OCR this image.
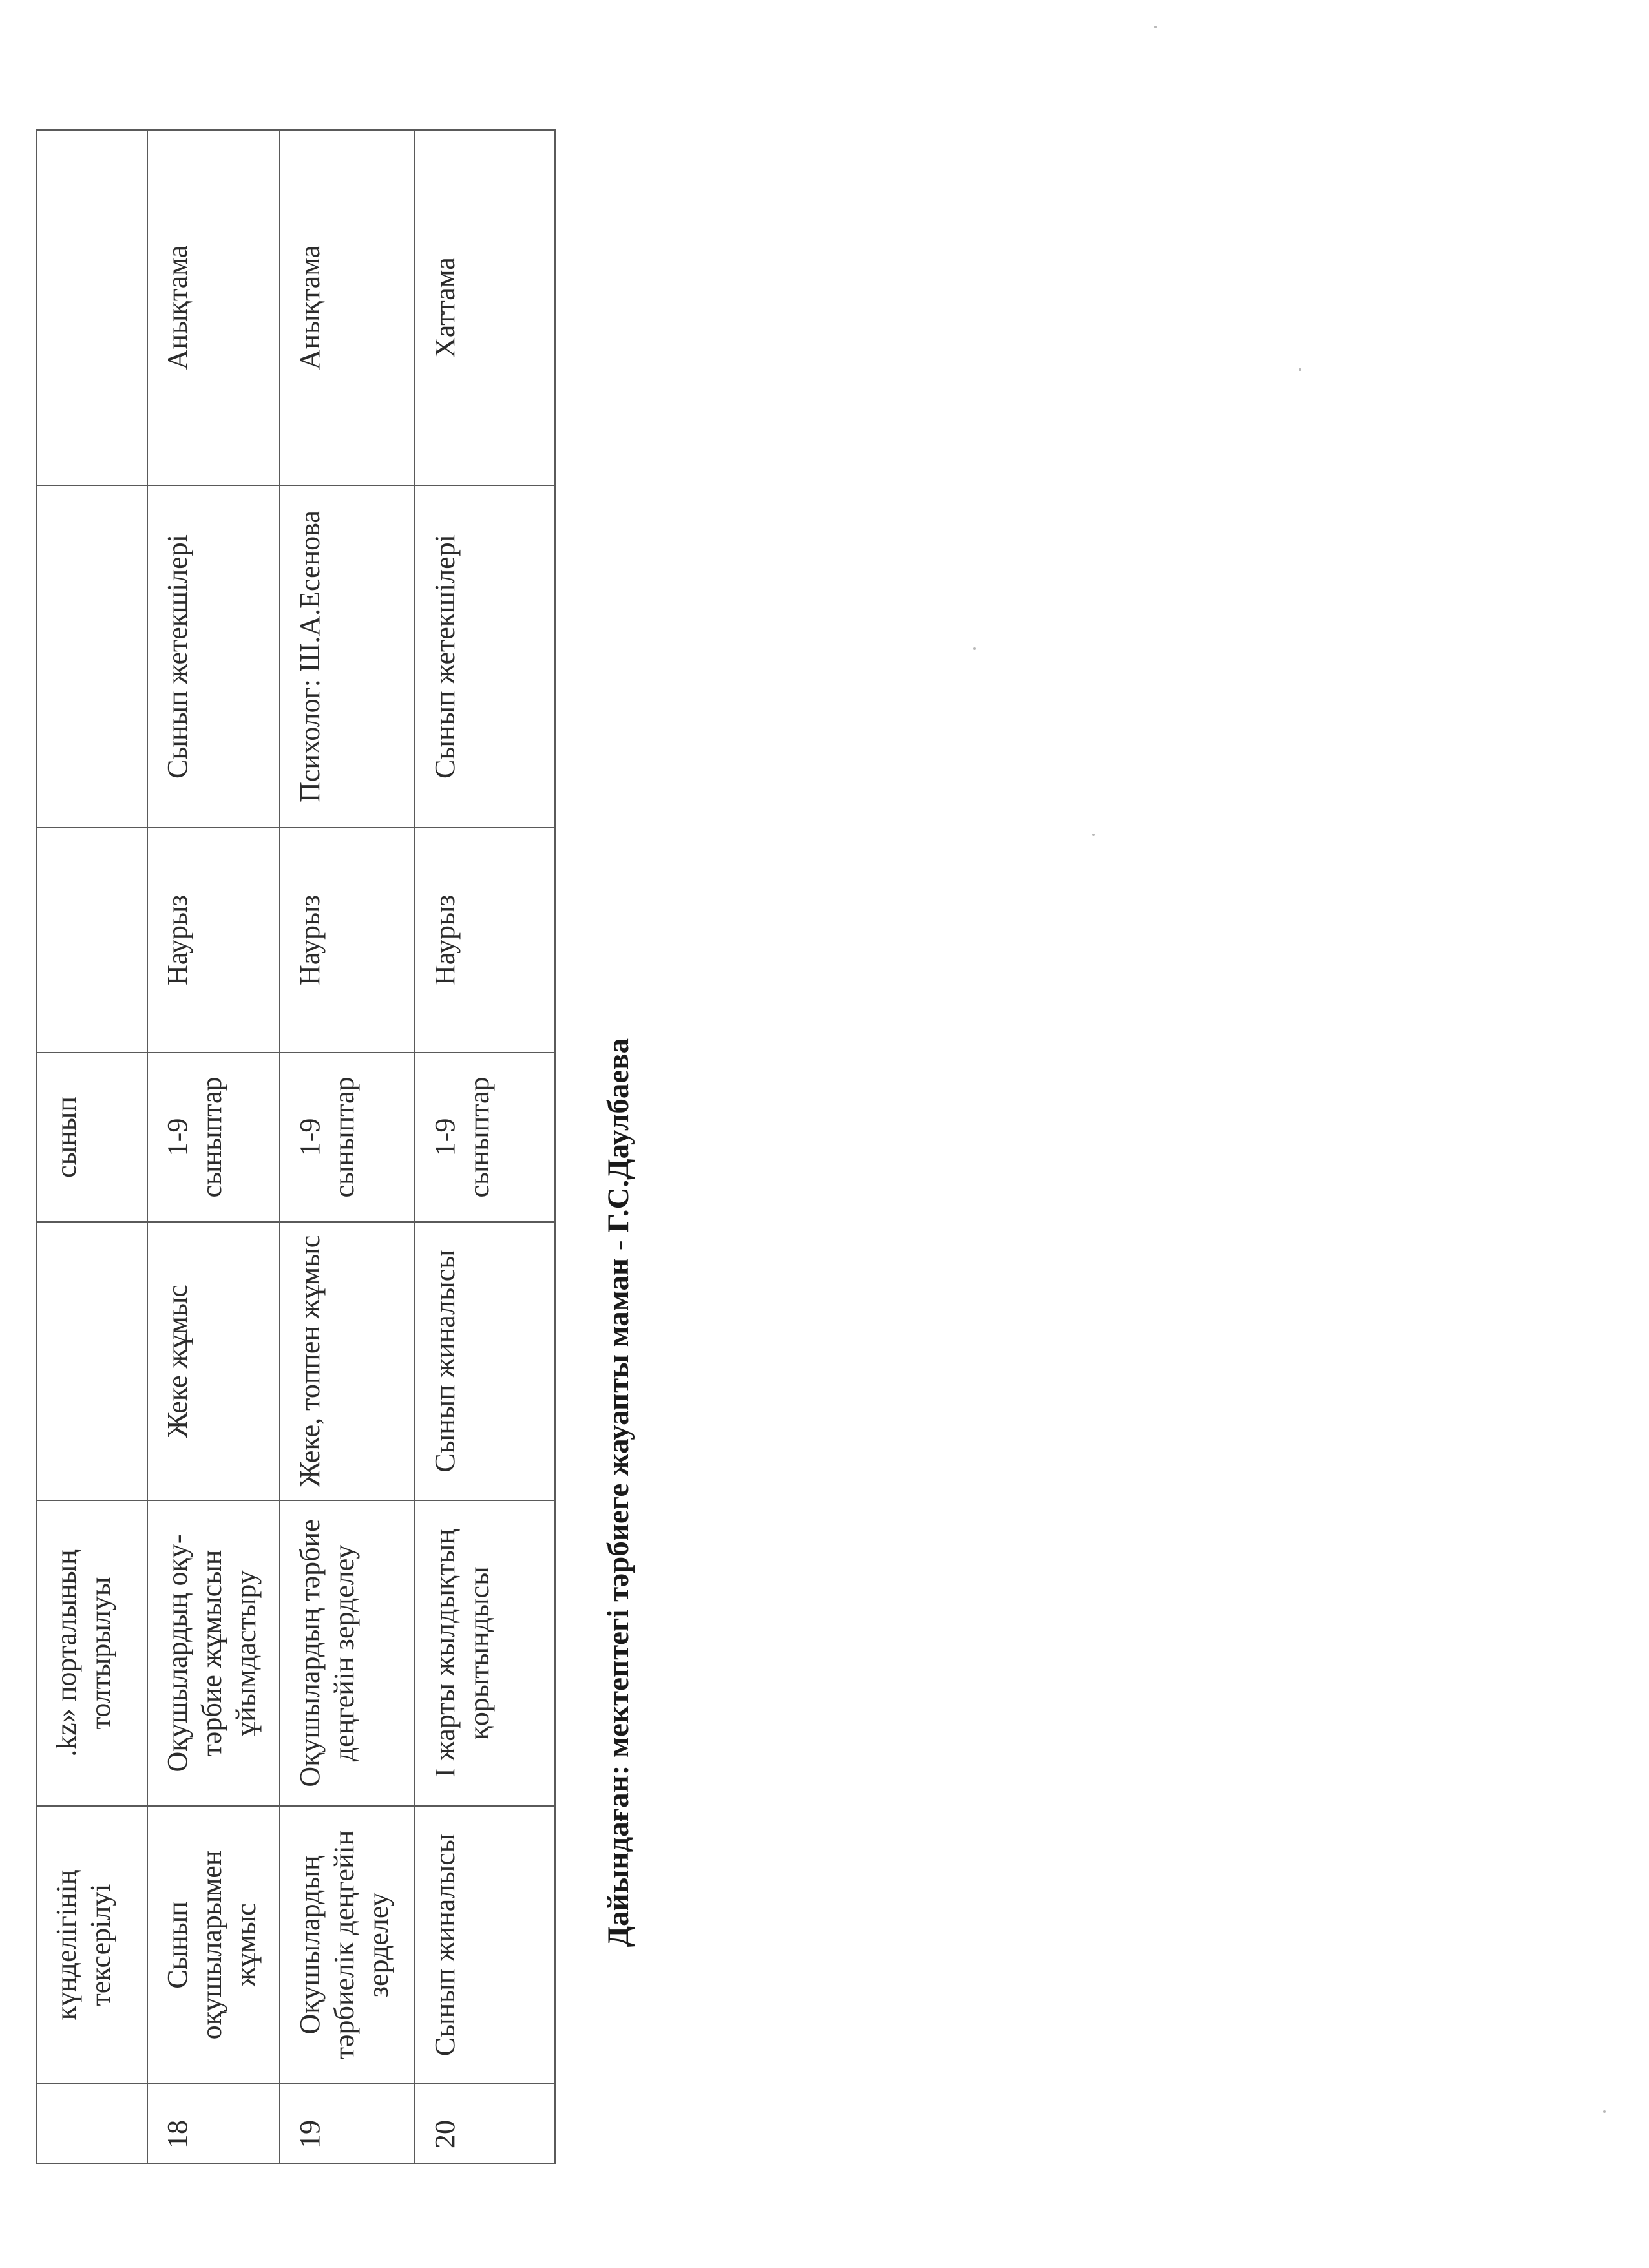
	күнделігінің тексерілуі	.kz» порталының толтырылуы		сынып			
18	Сынып оқушыларымен жұмыс	Оқушылардың оқу-тәрбие жұмысын ұйымдастыру	Жеке жұмыс	1-9 сыныптар	Наурыз	Сынып жетекшілері	Анықтама
19	Оқушылардың тәрбиелік деңгейін зерделеу	Оқушылардың тәрбие деңгейін зерделеу	Жеке, топпен жұмыс	1-9 сыныптар	Наурыз	Психолог: Ш.А.Есенова	Анықтама
20	Сынып жиналысы	І жарты жылдықтың қорытындысы	Сынып жиналысы	1-9 сыныптар	Наурыз	Сынып жетекшілері	Хаттама
Дайындаған: мектептегі тәрбиеге жауапты маман - Г.С.Даулбаева
